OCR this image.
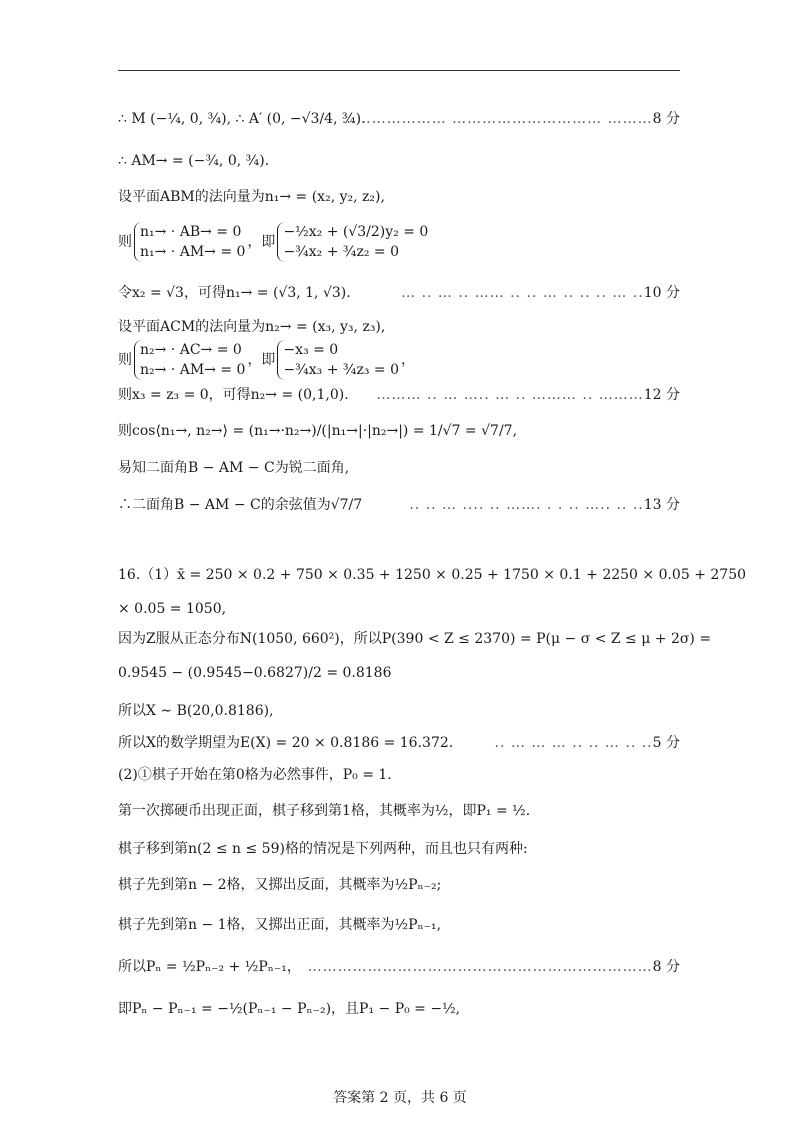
∴ M (−¼, 0, ¾), ∴ A′ (0, −√3/4, ¾).
………………… ………………………… ………8 分
∴ AM→ = (−¾, 0, ¾).
设平面ABM的法向量为n₁→ = (x₂, y₂, z₂),
则
n₁→ · AB→ = 0
n₁→ · AM→ = 0
，即
−½x₂ + (√3/2)y₂ = 0
−¾x₂ + ¾z₂ = 0
令x₂ = √3，可得n₁→ = (√3, 1, √3).	… .. … .. …… .. .. … .. .. .. … ..10 分
设平面ACM的法向量为n₂→ = (x₃, y₃, z₃),
则
n₂→ · AC→ = 0
n₂→ · AM→ = 0
，即
−x₃ = 0
−¾x₃ + ¾z₃ = 0
，
则x₃ = z₃ = 0，可得n₂→ = (0,1,0). ……… .. … ….. … .. ……… .. ………12 分
则cos⟨n₁→, n₂→⟩ = (n₁→·n₂→)/(|n₁→|·|n₂→|) = 1/√7 = √7/7,
易知二面角B − AM − C为锐二面角,
∴二面角B − AM − C的余弦值为√7/7	.. .. … .... .. ……. . . .. ….. .. ..13 分
16.（1）x̄ = 250 × 0.2 + 750 × 0.35 + 1250 × 0.25 + 1750 × 0.1 + 2250 × 0.05 + 2750
× 0.05 = 1050,
因为Z服从正态分布N(1050, 660²)，所以P(390 < Z ≤ 2370) = P(μ − σ < Z ≤ μ + 2σ) =
0.9545 − (0.9545−0.6827)/2 = 0.8186
所以X ∼ B(20,0.8186),
所以X的数学期望为E(X) = 20 × 0.8186 = 16.372.	.. … … … .. .. … .. ..5 分
(2)①棋子开始在第0格为必然事件，P₀ = 1.
第一次掷硬币出现正面，棋子移到第1格，其概率为½，即P₁ = ½.
棋子移到第n(2 ≤ n ≤ 59)格的情况是下列两种，而且也只有两种:
棋子先到第n − 2格，又掷出反面，其概率为½Pₙ₋₂;
棋子先到第n − 1格，又掷出正面，其概率为½Pₙ₋₁,
所以Pₙ = ½Pₙ₋₂ + ½Pₙ₋₁， ……………………………………………………………8 分
即Pₙ − Pₙ₋₁ = −½(Pₙ₋₁ − Pₙ₋₂)，且P₁ − P₀ = −½,
答案第 2 页，共 6 页
